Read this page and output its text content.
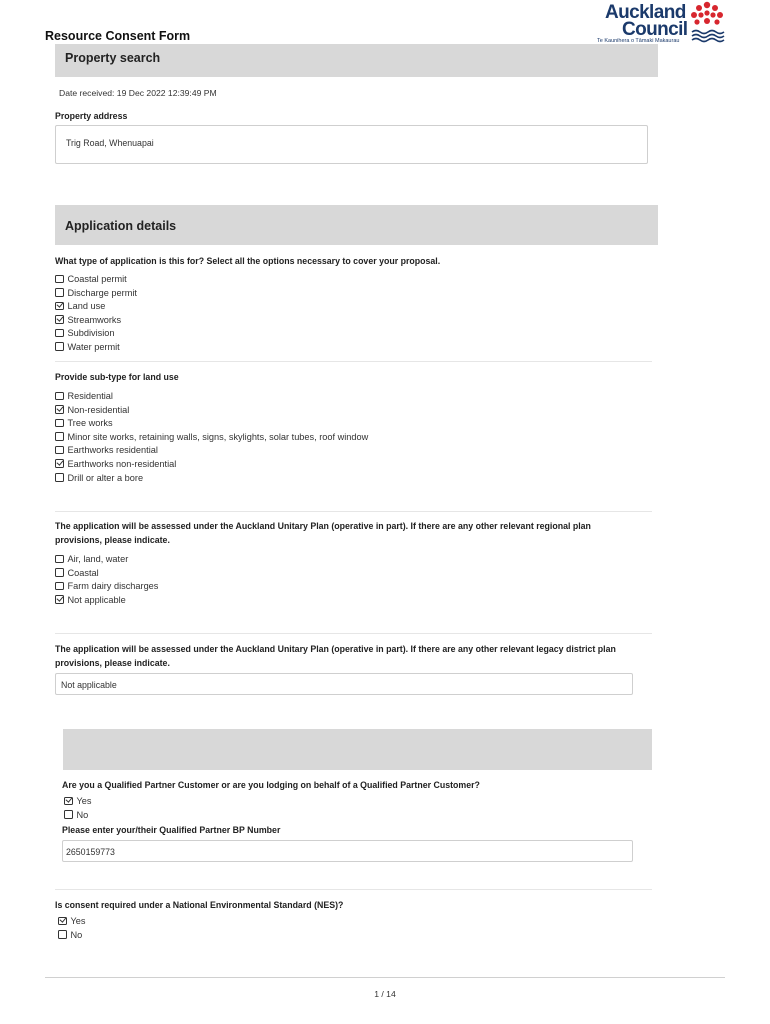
Resource Consent Form
Auckland
Council
Te Kaunihera o Tāmaki Makaurau
Property search
Date received: 19 Dec 2022 12:39:49 PM
Property address
Trig Road, Whenuapai
Application details
What type of application is this for? Select all the options necessary to cover your proposal.
Coastal permit
Discharge permit
Land use
Streamworks
Subdivision
Water permit
Provide sub-type for land use
Residential
Non-residential
Tree works
Minor site works, retaining walls, signs, skylights, solar tubes, roof window
Earthworks residential
Earthworks non-residential
Drill or alter a bore
The application will be assessed under the Auckland Unitary Plan (operative in part). If there are any other relevant regional plan provisions, please indicate.
Air, land, water
Coastal
Farm dairy discharges
Not applicable
The application will be assessed under the Auckland Unitary Plan (operative in part). If there are any other relevant legacy district plan provisions, please indicate.
Not applicable
Are you a Qualified Partner Customer or are you lodging on behalf of a Qualified Partner Customer?
Yes
No
Please enter your/their Qualified Partner BP Number
2650159773
Is consent required under a National Environmental Standard (NES)?
Yes
No
1 / 14
